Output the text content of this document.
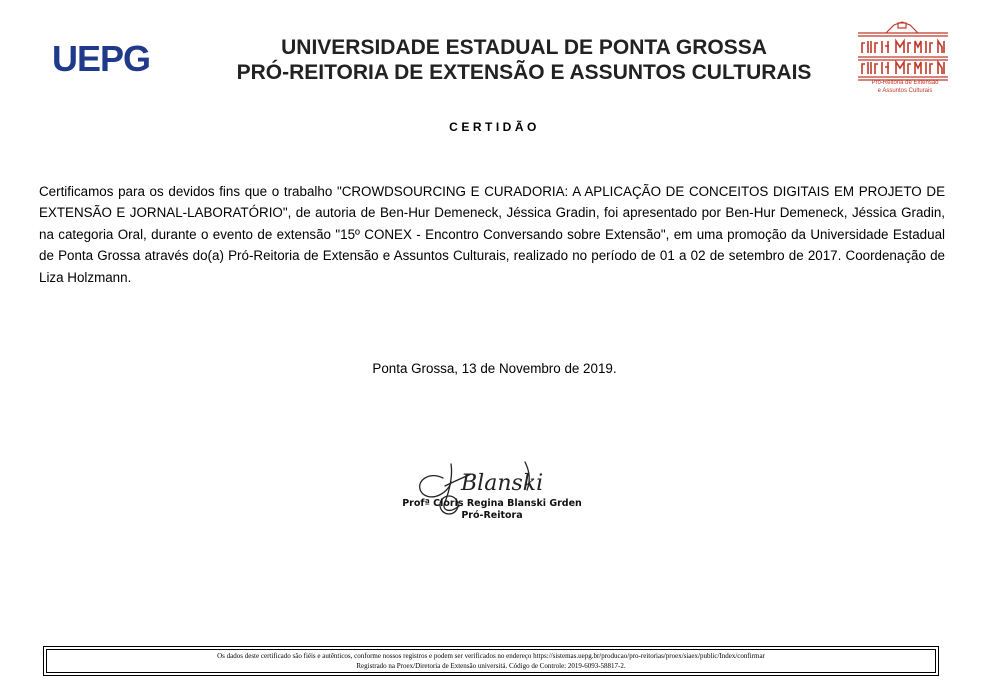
UEPG	UNIVERSIDADE ESTADUAL DE PONTA GROSSA
PRÓ-REITORIA DE EXTENSÃO E ASSUNTOS CULTURAIS	Pró-Reitoria de Extensão
e Assuntos Culturais
CERTIDÃO
Certificamos para os devidos fins que o trabalho "CROWDSOURCING E CURADORIA: A APLICAÇÃO DE CONCEITOS DIGITAIS EM PROJETO DE EXTENSÃO E JORNAL-LABORATÓRIO", de autoria de Ben-Hur Demeneck, Jéssica Gradin, foi apresentado por Ben-Hur Demeneck, Jéssica Gradin, na categoria Oral, durante o evento de extensão "15º CONEX - Encontro Conversando sobre Extensão", em uma promoção da Universidade Estadual de Ponta Grossa através do(a) Pró-Reitoria de Extensão e Assuntos Culturais, realizado no período de 01 a 02 de setembro de 2017. Coordenação de Liza Holzmann.
Ponta Grossa, 13 de Novembro de 2019.
Blanski
Profª Cloris Regina Blanski Grden
Pró-Reitora
Os dados deste certificado são fiéis e autênticos, conforme nossos registros e podem ser verificados no endereço https://sistemas.uepg.br/producao/pro-reitorias/proex/siaex/public/Index/confirmar
Registrado na Proex/Diretoria de Extensão universitá. Código de Controle: 2019-6093-58817-2.
